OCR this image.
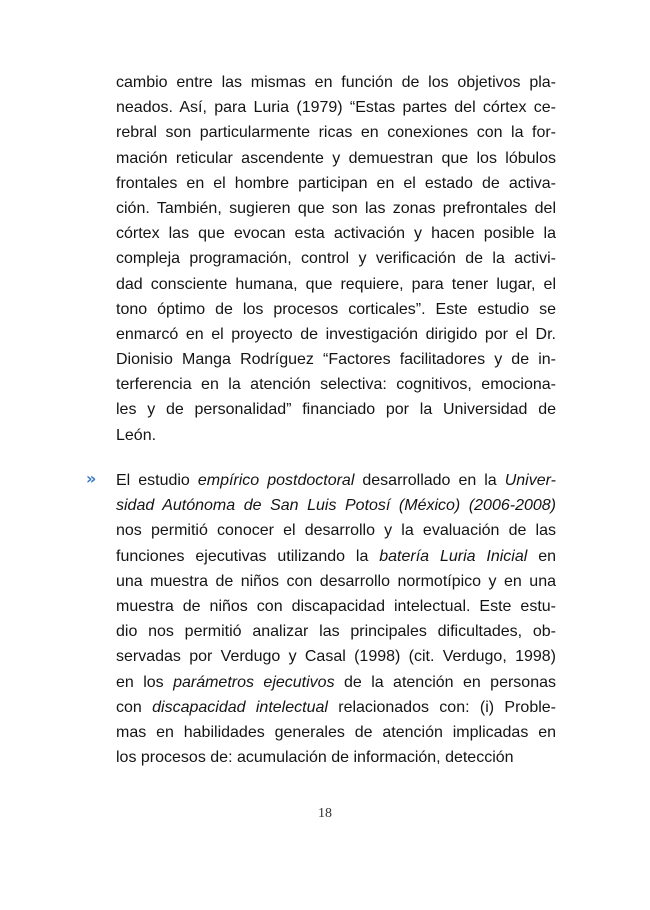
cambio entre las mismas en función de los objetivos pla-
neados. Así, para Luria (1979) “Estas partes del córtex ce-
rebral son particularmente ricas en conexiones con la for-
mación reticular ascendente y demuestran que los lóbulos
frontales en el hombre participan en el estado de activa-
ción. También, sugieren que son las zonas prefrontales del
córtex las que evocan esta activación y hacen posible la
compleja programación, control y verificación de la activi-
dad consciente humana, que requiere, para tener lugar, el
tono óptimo de los procesos corticales”. Este estudio se
enmarcó en el proyecto de investigación dirigido por el Dr.
Dionisio Manga Rodríguez “Factores facilitadores y de in-
terferencia en la atención selectiva: cognitivos, emociona-
les y de personalidad” financiado por la Universidad de
León.
»	El estudio empírico postdoctoral desarrollado en la Univer-
sidad Autónoma de San Luis Potosí (México) (2006-2008)
nos permitió conocer el desarrollo y la evaluación de las
funciones ejecutivas utilizando la batería Luria Inicial en
una muestra de niños con desarrollo normotípico y en una
muestra de niños con discapacidad intelectual. Este estu-
dio nos permitió analizar las principales dificultades, ob-
servadas por Verdugo y Casal (1998) (cit. Verdugo, 1998)
en los parámetros ejecutivos de la atención en personas
con discapacidad intelectual relacionados con: (i) Proble-
mas en habilidades generales de atención implicadas en
los procesos de: acumulación de información, detección
18
